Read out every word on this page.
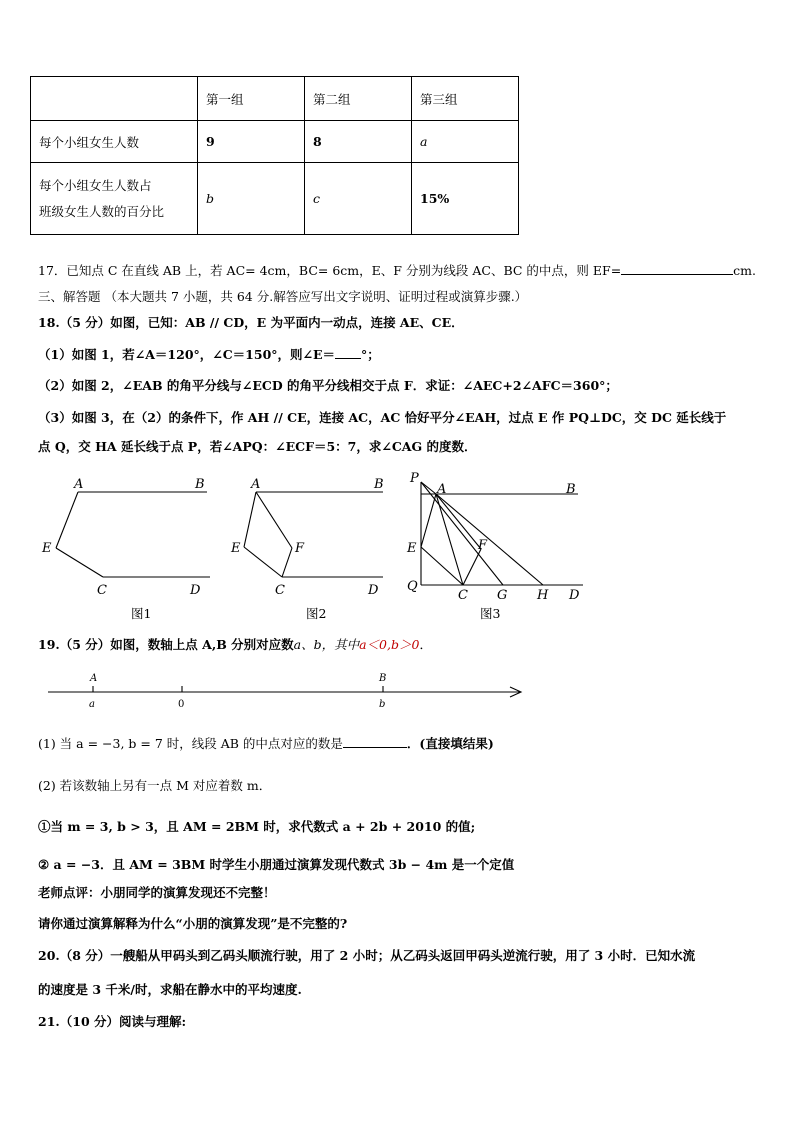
	第一组	第二组	第三组
每个小组女生人数	9	8	a

每个小组女生人数占
班级女生人数的百分比	b	c	15%
17．已知点 C 在直线 AB 上，若 AC= 4cm，BC= 6cm，E、F 分别为线段 AC、BC 的中点，则 EF=	cm.
三、解答题 （本大题共 7 小题，共 64 分.解答应写出文字说明、证明过程或演算步骤.）
18.（5 分）如图，已知：AB // CD，E 为平面内一动点，连接 AE、CE．
（1）如图 1，若∠A＝120°，∠C＝150°，则∠E＝ °；
（2）如图 2，∠EAB 的角平分线与∠ECD 的角平分线相交于点 F．求证：∠AEC+2∠AFC＝360°；
（3）如图 3，在（2）的条件下，作 AH // CE，连接 AC，AC 恰好平分∠EAH，过点 E 作 PQ⊥DC，交 DC 延长线于
点 Q，交 HA 延长线于点 P，若∠APQ：∠ECF＝5：7，求∠CAG 的度数．
A	B
E
C	D
A	B
E	F
C	D
P
A	B
E	F
Q
C G H D
图1	图2	图3
19.（5 分）如图，数轴上点 A,B 分别对应数a、b，其中a＜0,b＞0．
A
a	0
B
b
(1) 当 a = −3, b = 7 时，线段 AB 的中点对应的数是	．(直接填结果)
(2) 若该数轴上另有一点 M 对应着数 m．
①当 m = 3, b > 3，且 AM = 2BM 时，求代数式 a + 2b + 2010 的值;
② a = −3．且 AM = 3BM 时学生小朋通过演算发现代数式 3b − 4m 是一个定值
老师点评：小朋同学的演算发现还不完整！
请你通过演算解释为什么“小朋的演算发现”是不完整的?
20.（8 分）一艘船从甲码头到乙码头顺流行驶，用了 2 小时；从乙码头返回甲码头逆流行驶，用了 3 小时．已知水流
的速度是 3 千米/时，求船在静水中的平均速度.
21.（10 分）阅读与理解:
